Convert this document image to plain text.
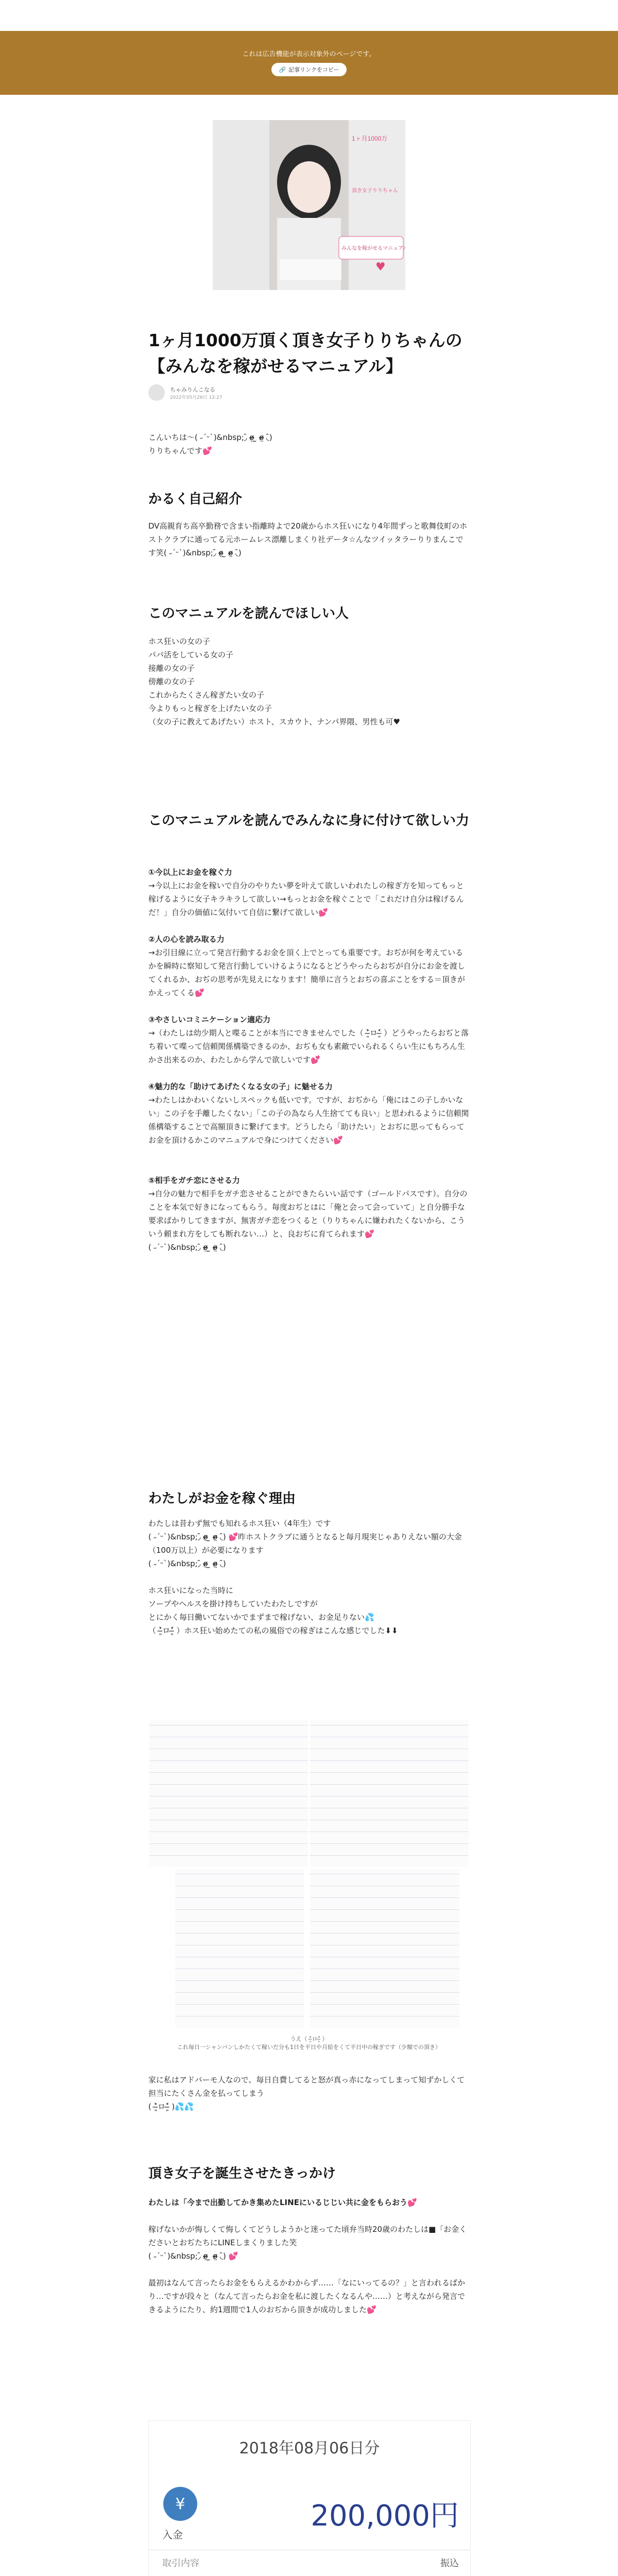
これは広告機能が表示対象外のページです。
🔗 記事リンクをコピー
1ヶ月1000万
頂き女子りりちゃん
みんなを稼がせるマニュアル
♥
1ヶ月1000万頂く頂き女子りりちゃんの【みんなを稼がせるマニュアル】
ちゃみりんこなる
2022年05月26日 12:27
こんいちは〜( ˶ˊᵕˋ)&nbsp;◞̑ ο̴̶̷̤ ̫ ο̴̶̷̤ ◟̑)
りりちゃんです💕
かるく自己紹介
DV高親育ち高卒勤務で含まい指離時よで20歳からホス狂いになり4年間ずっと歌舞伎町のホストクラブに通ってる元ホームレス漂離しまくり社データ☆んなツイッタラーりりまんこです笑( ˶ˊᵕˋ)&nbsp;◞̑ ο̴̶̷̤ ̫ ο̴̶̷̤ ◟̑)
このマニュアルを読んでほしい人
ホス狂いの女の子
パパ活をしている女の子
接離の女の子
傍離の女の子
これからたくさん稼ぎたい女の子
今よりもっと稼ぎを上げたい女の子
（女の子に教えてあげたい）ホスト、スカウト、ナンパ界隈、男性も可♥
このマニュアルを読んでみんなに身に付けて欲しい力
①今以上にお金を稼ぐ力
→今以上にお金を稼いで自分のやりたい夢を叶えて欲しいわれたしの稼ぎ方を知ってもっと稼げるように女子キラキラして欲しい→もっとお金を稼ぐことで「これだけ自分は稼げるんだ！」自分の価値に気付いて自信に繋げて欲しい💕
②人の心を読み取る力
→お引目線に立って発言行動するお金を頂く上でとっても重要です。おぢが何を考えているかを瞬時に察知して発言行動していけるようになるとどうやったらおぢが自分にお金を渡してくれるか、おぢの思考が先見えになります！簡単に言うとおぢの喜ぶことをする＝頂きがかえってくる💕
③やさしいコミニケーション適応力
→（わたしは幼少期人と喋ることが本当にできませんでした（ ˃̶͈̀ロ˂̶͈́ ）どうやったらおぢと落ち着いて喋って信頼関係構築できるのか、おぢも女も素敵でいられるくらい生にもちろん生かさ出来るのか、わたしから学んで欲しいです💕
④魅力的な「助けてあげたくなる女の子」に魅せる力
→わたしはかわいくないしスペックも低いです。ですが、おぢから「俺にはこの子しかいない」この子を手離したくない」「この子の為なら人生捨てても良い」と思われるように信頼関係構築することで高額頂きに繋げてます。どうしたら「助けたい」とおぢに思ってもらってお金を頂けるかこのマニュアルで身につけてください💕
⑤相手をガチ恋にさせる力
→自分の魅力で相手をガチ恋させることができたらいい話です（ゴールドパスです）。自分のことを本気で好きになってもらう。毎度おぢとはに「俺と会って会っていて」と自分勝手な要求ばかりしてきますが、無害ガチ恋をつくると（りりちゃんに嫌われたくないから、こういう頼まれ方をしても断れない…）と、良おぢに育てられます💕
( ˶ˊᵕˋ)&nbsp;◞̑ ο̴̶̷̤ ̫ ο̴̶̷̤ ◟̑)
わたしがお金を稼ぐ理由
わたしは昔わず無でも知れるホス狂い（4年生）です
( ˶ˊᵕˋ)&nbsp;◞̑ ο̴̶̷̤ ̫ ο̴̶̷̤ ◟̑) 💕昨ホストクラブに通うとなると毎月現実じゃありえない額の大金（100万以上）が必要になります
( ˶ˊᵕˋ)&nbsp;◞̑ ο̴̶̷̤ ̫ ο̴̶̷̤ ◟̑)
ホス狂いになった当時に
ソープやヘルスを掛け持ちしていたわたしですが
とにかく毎日働いてないかでまずまで稼げない、お金足りない💦
（ ˃̶͈̀ロ˂̶͈́ ）ホス狂い始めたての私の風俗での稼ぎはこんな感じでした⬇⬇
うえ（ ˃̶͈̀ロ˂̶͈́ ）
これ毎日一シャンパンしかたくて稼いだ分も1日を平日や月給をくて平日中の稼ぎです（少額での頂き）
家に私はアドバーモ人なので、毎日自費してると怒が真っ赤になってしまって知ずかしくて担当にたくさん金を払ってしまう
( ˃̶͈̀ロ˂̶͈́ )💦💦
頂き女子を誕生させたきっかけ
わたしは「今まで出勤してかき集めたLINEにいるじじい共に金をもらおう💕
稼げないかが悔しくて悔しくてどうしようかと迷ってた頃弁当時20歳のわたしは■「お金くださいとおぢたちにLINEしまくりました笑
( ˶ˊᵕˋ)&nbsp;◞̑ ο̴̶̷̤ ̫ ο̴̶̷̤ ◟̑) 💕
最初はなんて言ったらお金をもらえるかわからず……「なにいってるの？」と言われるばかり…ですが段々と（なんて言ったらお金を私に渡したくなるんや……）と考えながら発言できるようにたり、約1週間で1人のおぢから頂きが成功しました💕
2018年08月06日分
¥
入金
200,000円
取引内容	振込
